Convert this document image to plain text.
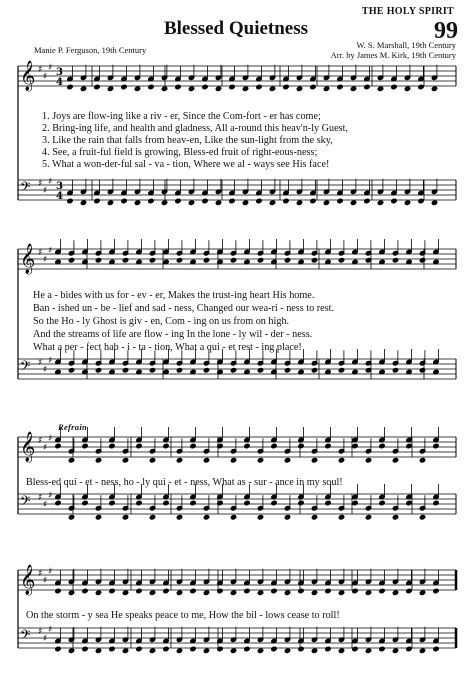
THE HOLY SPIRIT
99
Blessed Quietness
Manie P. Ferguson, 19th Century	W. S. Marshall, 19th Century
Arr. by James M. Kirk, 19th Century
𝄞 ♯
♯
♯ 3
4
𝄢 ♯
♯
♯ 3
4
𝄞 ♯
♯
♯
𝄢 ♯
♯
♯
𝄞 ♯
♯
♯
𝄢 ♯
♯
♯
𝄞 ♯
♯
♯
𝄢 ♯
♯
♯
1. Joys are flow-ing like a riv - er, Since the Com-fort - er has come;
2. Bring-ing life, and health and gladness, All a-round this heav'n-ly Guest,
3. Like the rain that falls from heav-en, Like the sun-light from the sky,
4. See, a fruit-ful field is growing, Bless-ed fruit of right-eous-ness;
5. What a won-der-ful sal - va - tion, Where we al - ways see His face!
He a - bides with us for - ev - er, Makes the trust-ing heart His home.
Ban - ished un - be - lief and sad - ness, Changed our wea-ri - ness to rest.
So the Ho - ly Ghost is giv - en, Com - ing on us from on high.
And the streams of life are flow - ing In the lone - ly wil - der - ness.
What a per - fect hab - i - ta - tion, What a qui - et rest - ing place!
Refrain
Bless-ed qui - et - ness, ho - ly qui - et - ness, What as - sur - ance in my soul!
On the storm - y sea He speaks peace to me, How the bil - lows cease to roll!
